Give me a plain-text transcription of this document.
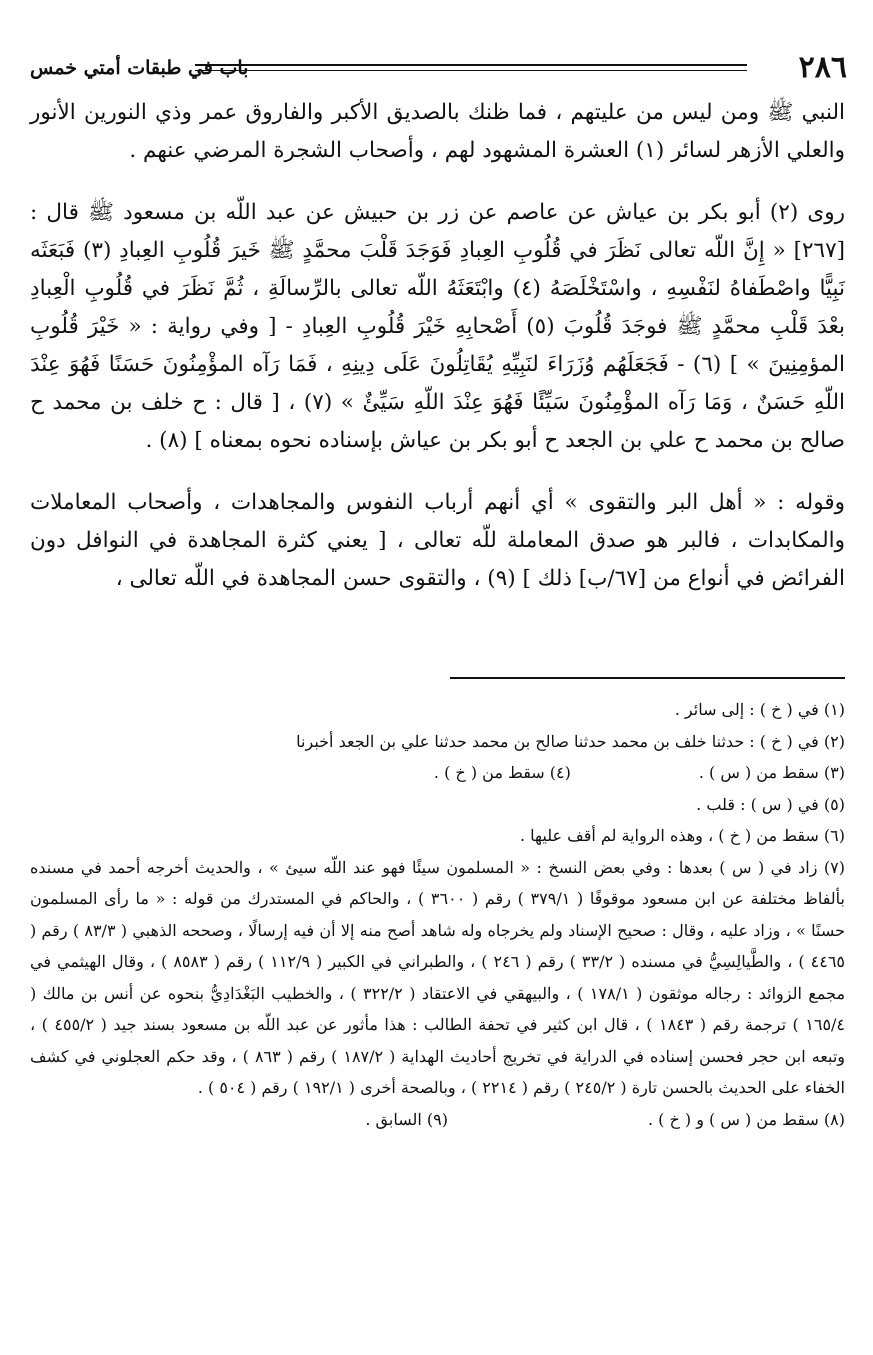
٢٨٦
باب في طبقات أمتي خمس

النبي ﷺ ومن ليس من عليتهم ، فما ظنك بالصديق الأكبر والفاروق عمر وذي النورين الأنور والعلي الأزهر لسائر (١) العشرة المشهود لهم ، وأصحاب الشجرة المرضي عنهم .

روى (٢) أبو بكر بن عياش عن عاصم عن زر بن حبيش عن عبد اللّه بن مسعود ﷺ قال : [٢٦٧] « إِنَّ اللّه تعالى نَظَرَ في قُلُوبِ العِبادِ فَوَجَدَ قَلْبَ محمَّدٍ ﷺ خَيرَ قُلُوبِ العِبادِ (٣) فَبَعَثَه نَبِيًّا واصْطَفاهُ لنَفْسِهِ ، واسْتَخْلَصَهُ (٤) وابْتَعَثَهُ اللّه تعالى بالرِّسالَةِ ، ثُمَّ نَظَرَ في قُلُوبِ الْعِبادِ بعْدَ قَلْبِ محمَّدٍ ﷺ فوجَدَ قُلُوبَ (٥) أَصْحابِهِ خَيْرَ قُلُوبِ العِبادِ - [ وفي رواية : « خَيْرَ قُلُوبِ المؤمِنِينَ » ] (٦) - فَجَعَلَهُم وُزَرَاءَ لنَبِيِّهِ يُقَاتِلُونَ عَلَى دِينِهِ ، فَمَا رَآه المؤْمِنُونَ حَسَنًا فَهُوَ عِنْدَ اللّهِ حَسَنٌ ، وَمَا رَآه المؤْمِنُونَ سَيِّئًا فَهُوَ عِنْدَ اللّهِ سَيِّئٌ » (٧) ، [ قال : ح خلف بن محمد ح صالح بن محمد ح علي بن الجعد ح أبو بكر بن عياش بإسناده نحوه بمعناه ] (٨) .

وقوله : « أهل البر والتقوى » أي أنهم أرباب النفوس والمجاهدات ، وأصحاب المعاملات والمكابدات ، فالبر هو صدق المعاملة للّه تعالى ، [ يعني كثرة المجاهدة في النوافل دون الفرائض في أنواع من [٦٧/ب] ذلك ] (٩) ، والتقوى حسن المجاهدة في اللّه تعالى ،

(١) في ( خ ) : إلى سائر .

(٢) في ( خ ) : حدثنا خلف بن محمد حدثنا صالح بن محمد حدثنا علي بن الجعد أخبرنا

(٣) سقط من ( س ) .
(٤) سقط من ( خ ) .

(٥) في ( س ) : قلب .

(٦) سقط من ( خ ) ، وهذه الرواية لم أقف عليها .

(٧) زاد في ( س ) بعدها : وفي بعض النسخ : « المسلمون سيئًا فهو عند اللّه سيئ » ، والحديث أخرجه أحمد في مسنده بألفاظ مختلفة عن ابن مسعود موقوفًا ( ٣٧٩/١ ) رقم ( ٣٦٠٠ ) ، والحاكم في المستدرك من قوله : « ما رأى المسلمون حسنًا » ، وزاد عليه ، وقال : صحيح الإسناد ولم يخرجاه وله شاهد أصح منه إلا أن فيه إرسالًا ، وصححه الذهبي ( ٨٣/٣ ) رقم ( ٤٤٦٥ ) ، والطَّيالِسِيُّ في مسنده ( ٣٣/٢ ) رقم ( ٢٤٦ ) ، والطبراني في الكبير ( ١١٢/٩ ) رقم ( ٨٥٨٣ ) ، وقال الهيثمي في مجمع الزوائد : رجاله موثقون ( ١٧٨/١ ) ، والبيهقي في الاعتقاد ( ٣٢٢/٢ ) ، والخطيب البَغْدَادِيُّ بنحوه عن أنس بن مالك ( ١٦٥/٤ ) ترجمة رقم ( ١٨٤٣ ) ، قال ابن كثير في تحفة الطالب : هذا مأثور عن عبد اللّه بن مسعود بسند جيد ( ٤٥٥/٢ ) ، وتبعه ابن حجر فحسن إسناده في الدراية في تخريج أحاديث الهداية ( ١٨٧/٢ ) رقم ( ٨٦٣ ) ، وقد حكم العجلوني في كشف الخفاء على الحديث بالحسن تارة ( ٢٤٥/٢ ) رقم ( ٢٢١٤ ) ، وبالصحة أخرى ( ١٩٢/١ ) رقم ( ٥٠٤ ) .

(٨) سقط من ( س ) و ( خ ) .
(٩) السابق .
